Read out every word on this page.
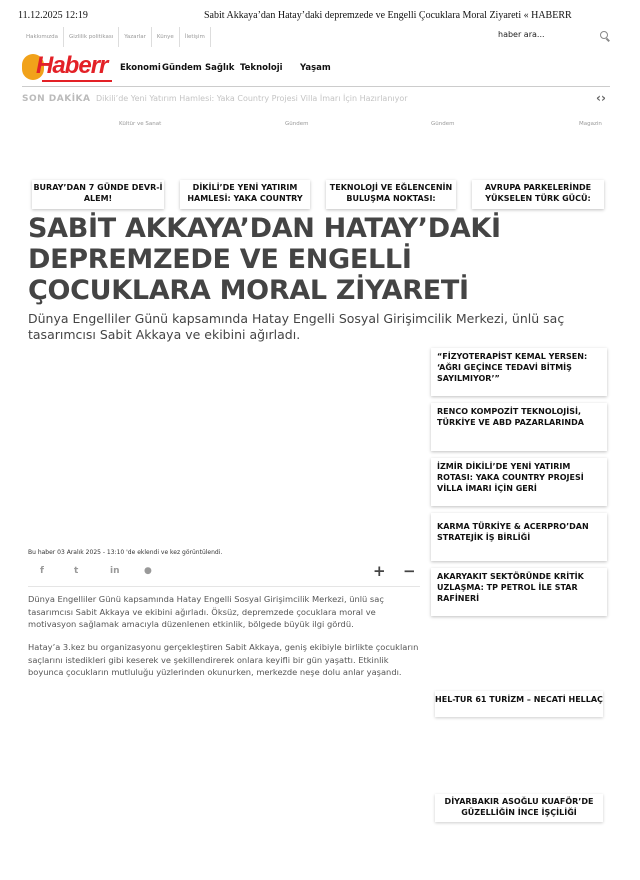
11.12.2025 12:19	Sabit Akkaya’dan Hatay’daki depremzede ve Engelli Çocuklara Moral Ziyareti « HABERR
Hakkımızda	Gizlilik politikası	Yazarlar	Künye	İletişim	haber ara...
Haberr Ekonomi Gündem Sağlık Teknoloji Yaşam
SON DAKİKA Dikili’de Yeni Yatırım Hamlesi: Yaka Country Projesi Villa İmarı İçin Hazırlanıyor	‹›
Kültür ve Sanat	Gündem	Gündem	Magazin
BURAY’DAN 7 GÜNDE DEVR-İ ALEM!
DİKİLİ’DE YENİ YATIRIM HAMLESİ: YAKA COUNTRY
TEKNOLOJİ VE EĞLENCENİN BULUŞMA NOKTASI:
AVRUPA PARKELERİNDE YÜKSELEN TÜRK GÜCÜ:
SABİT AKKAYA’DAN HATAY’DAKİ DEPREMZEDE VE ENGELLİ ÇOCUKLARA MORAL ZİYARETİ
Dünya Engelliler Günü kapsamında Hatay Engelli Sosyal Girişimcilik Merkezi, ünlü saç tasarımcısı Sabit Akkaya ve ekibini ağırladı.
“FİZYOTERAPİST KEMAL YERSEN: ‘AĞRI GEÇİNCE TEDAVİ BİTMİŞ SAYILMIYOR’”
RENCO KOMPOZİT TEKNOLOJİSİ, TÜRKİYE VE ABD PAZARLARINDA
İZMİR DİKİLİ’DE YENİ YATIRIM ROTASI: YAKA COUNTRY PROJESİ VİLLA İMARI İÇİN GERİ
KARMA TÜRKİYE & ACERPRO’DAN STRATEJİK İŞ BİRLİĞİ
AKARYAKIT SEKTÖRÜNDE KRİTİK UZLAŞMA: TP PETROL İLE STAR RAFİNERİ
Bu haber 03 Aralık 2025 - 13:10 'de eklendi ve kez görüntülendi.
f	t	in	●	+ −
Dünya Engelliler Günü kapsamında Hatay Engelli Sosyal Girişimcilik Merkezi, ünlü saç tasarımcısı Sabit Akkaya ve ekibini ağırladı. Öksüz, depremzede çocuklara moral ve motivasyon sağlamak amacıyla düzenlenen etkinlik, bölgede büyük ilgi gördü.
Hatay’a 3.kez bu organizasyonu gerçekleştiren Sabit Akkaya, geniş ekibiyle birlikte çocukların saçlarını istedikleri gibi keserek ve şekillendirerek onlara keyifli bir gün yaşattı. Etkinlik boyunca çocukların mutluluğu yüzlerinden okunurken, merkezde neşe dolu anlar yaşandı.
HEL-TUR 61 TURİZM – NECATİ HELLAÇ
DİYARBAKIR ASOĞLU KUAFÖR’DE GÜZELLİĞİN İNCE İŞÇİLİĞİ
